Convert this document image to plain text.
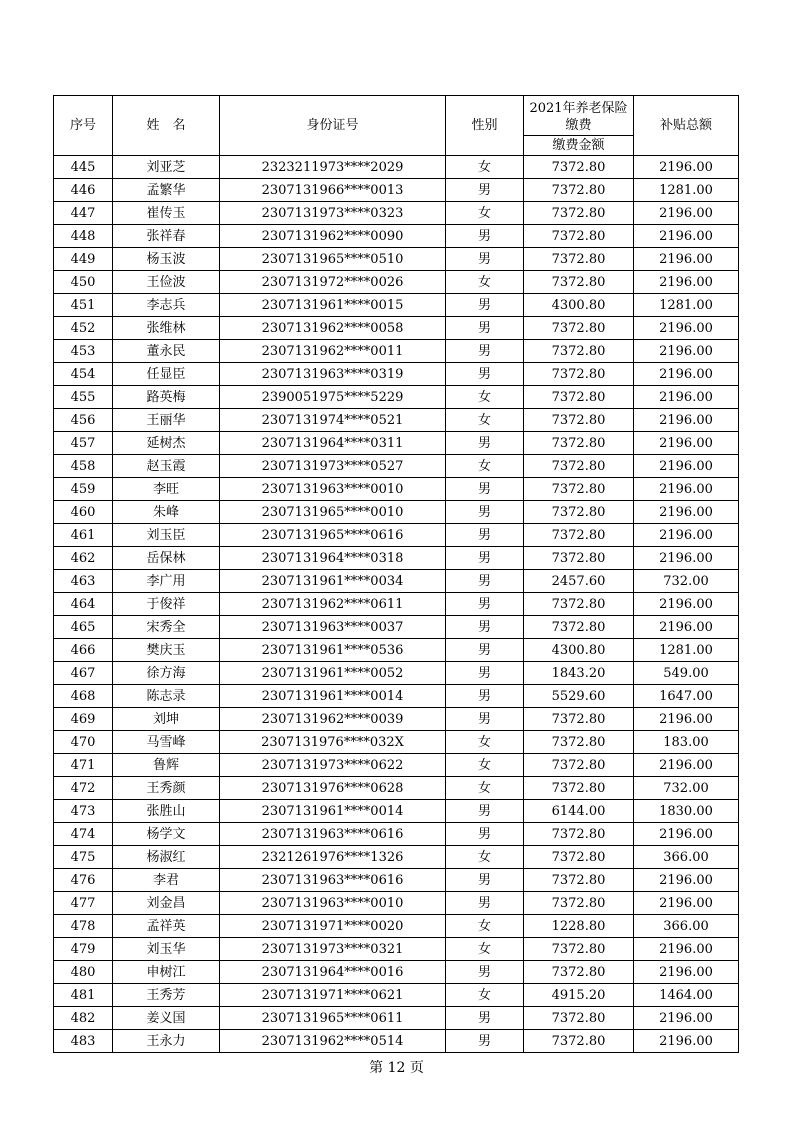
序号	姓　名	身份证号	性别	2021年养老保险缴费	补贴总额
				缴费金额	
445	刘亚芝	2323211973****2029	女	7372.80	2196.00
446	孟繁华	2307131966****0013	男	7372.80	1281.00
447	崔传玉	2307131973****0323	女	7372.80	2196.00
448	张祥春	2307131962****0090	男	7372.80	2196.00
449	杨玉波	2307131965****0510	男	7372.80	2196.00
450	王俭波	2307131972****0026	女	7372.80	2196.00
451	李志兵	2307131961****0015	男	4300.80	1281.00
452	张维林	2307131962****0058	男	7372.80	2196.00
453	董永民	2307131962****0011	男	7372.80	2196.00
454	任显臣	2307131963****0319	男	7372.80	2196.00
455	路英梅	2390051975****5229	女	7372.80	2196.00
456	王丽华	2307131974****0521	女	7372.80	2196.00
457	延树杰	2307131964****0311	男	7372.80	2196.00
458	赵玉霞	2307131973****0527	女	7372.80	2196.00
459	李旺	2307131963****0010	男	7372.80	2196.00
460	朱峰	2307131965****0010	男	7372.80	2196.00
461	刘玉臣	2307131965****0616	男	7372.80	2196.00
462	岳保林	2307131964****0318	男	7372.80	2196.00
463	李广用	2307131961****0034	男	2457.60	732.00
464	于俊祥	2307131962****0611	男	7372.80	2196.00
465	宋秀全	2307131963****0037	男	7372.80	2196.00
466	樊庆玉	2307131961****0536	男	4300.80	1281.00
467	徐方海	2307131961****0052	男	1843.20	549.00
468	陈志录	2307131961****0014	男	5529.60	1647.00
469	刘坤	2307131962****0039	男	7372.80	2196.00
470	马雪峰	2307131976****032X	女	7372.80	183.00
471	鲁辉	2307131973****0622	女	7372.80	2196.00
472	王秀颜	2307131976****0628	女	7372.80	732.00
473	张胜山	2307131961****0014	男	6144.00	1830.00
474	杨学文	2307131963****0616	男	7372.80	2196.00
475	杨淑红	2321261976****1326	女	7372.80	366.00
476	李君	2307131963****0616	男	7372.80	2196.00
477	刘金昌	2307131963****0010	男	7372.80	2196.00
478	孟祥英	2307131971****0020	女	1228.80	366.00
479	刘玉华	2307131973****0321	女	7372.80	2196.00
480	申树江	2307131964****0016	男	7372.80	2196.00
481	王秀芳	2307131971****0621	女	4915.20	1464.00
482	姜义国	2307131965****0611	男	7372.80	2196.00
483	王永力	2307131962****0514	男	7372.80	2196.00
第 12 页
